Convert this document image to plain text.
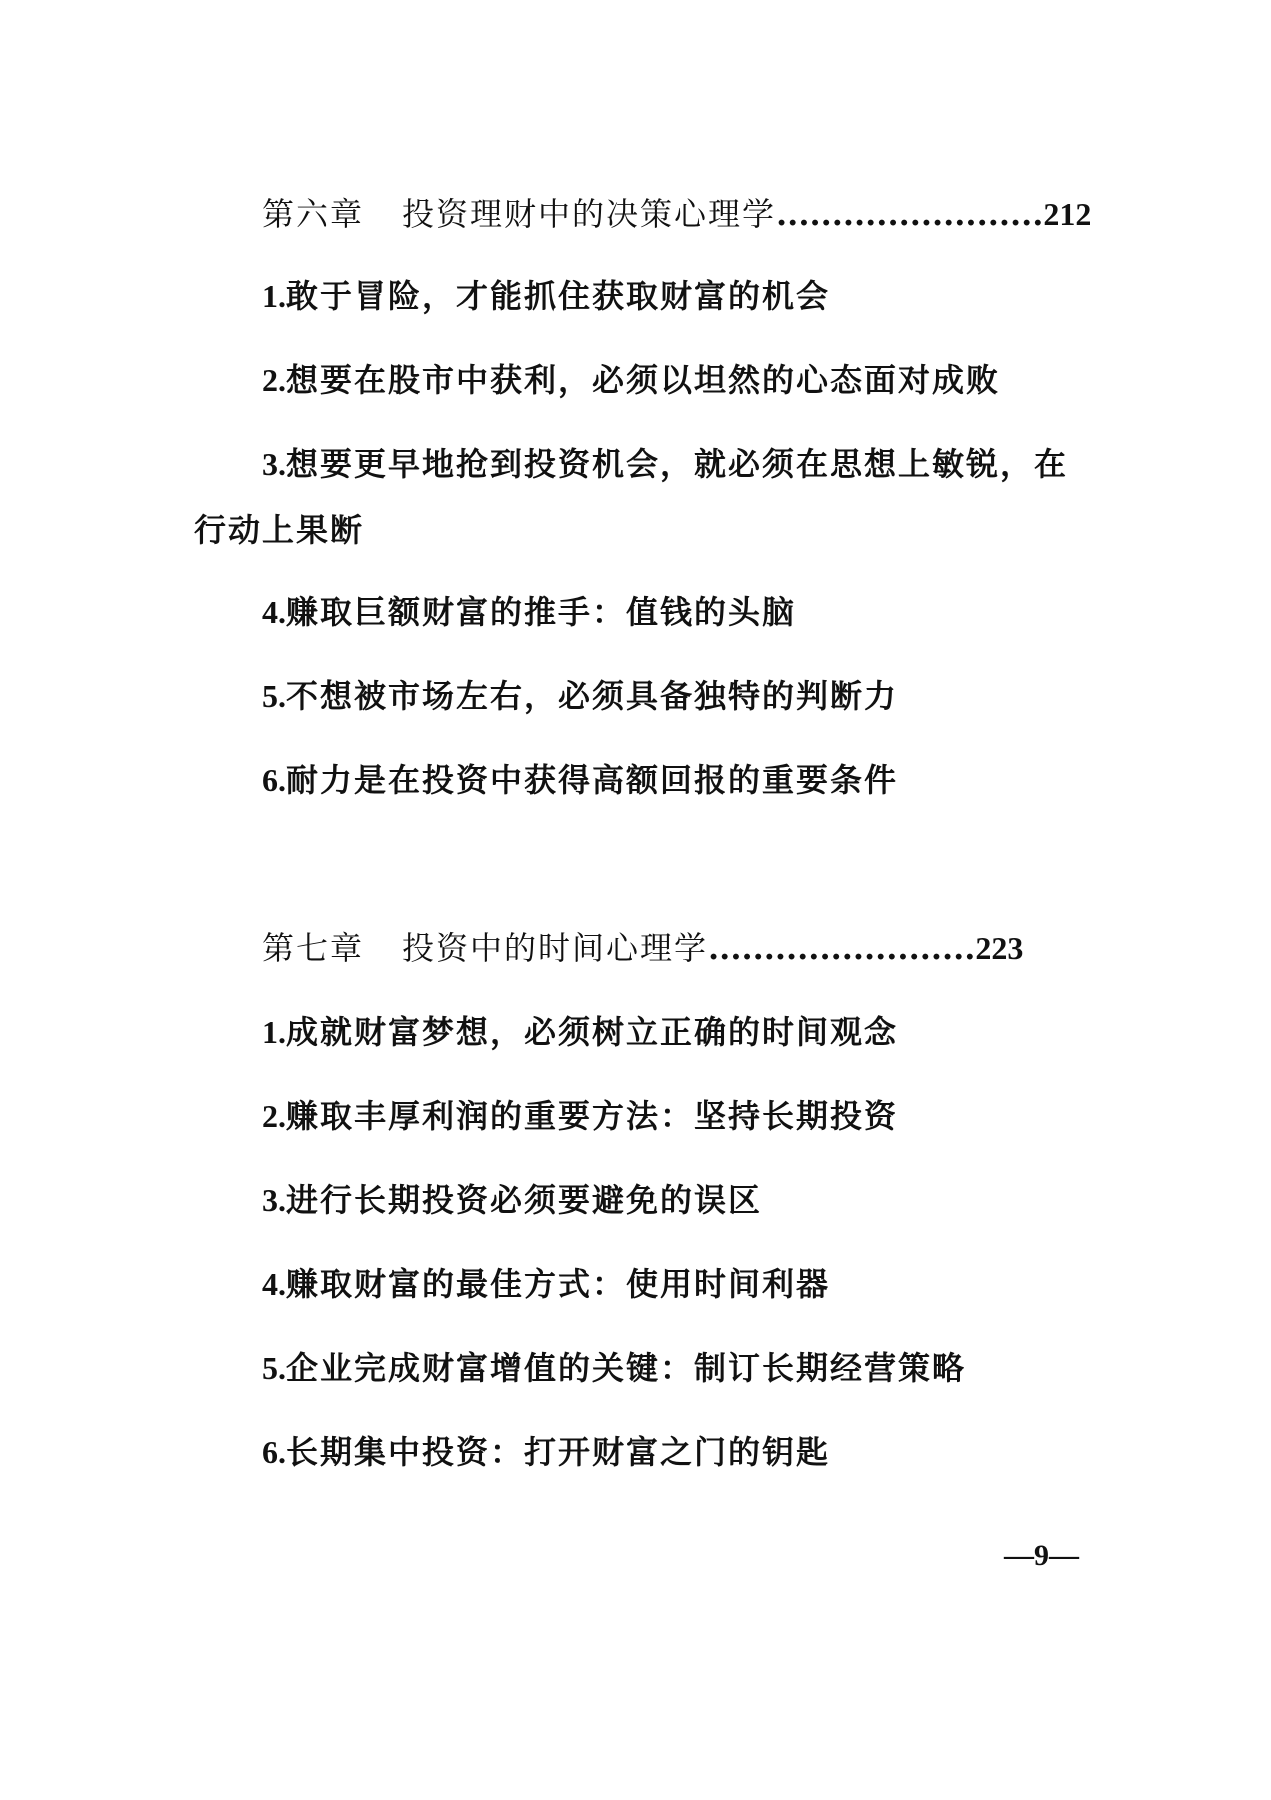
第六章 投资理财中的决策心理学........................212
1.敢于冒险，才能抓住获取财富的机会
2.想要在股市中获利，必须以坦然的心态面对成败
3.想要更早地抢到投资机会，就必须在思想上敏锐，在
行动上果断
4.赚取巨额财富的推手：值钱的头脑
5.不想被市场左右，必须具备独特的判断力
6.耐力是在投资中获得高额回报的重要条件
第七章 投资中的时间心理学........................223
1.成就财富梦想，必须树立正确的时间观念
2.赚取丰厚利润的重要方法：坚持长期投资
3.进行长期投资必须要避免的误区
4.赚取财富的最佳方式：使用时间利器
5.企业完成财富增值的关键：制订长期经营策略
6.长期集中投资：打开财富之门的钥匙
—9—
